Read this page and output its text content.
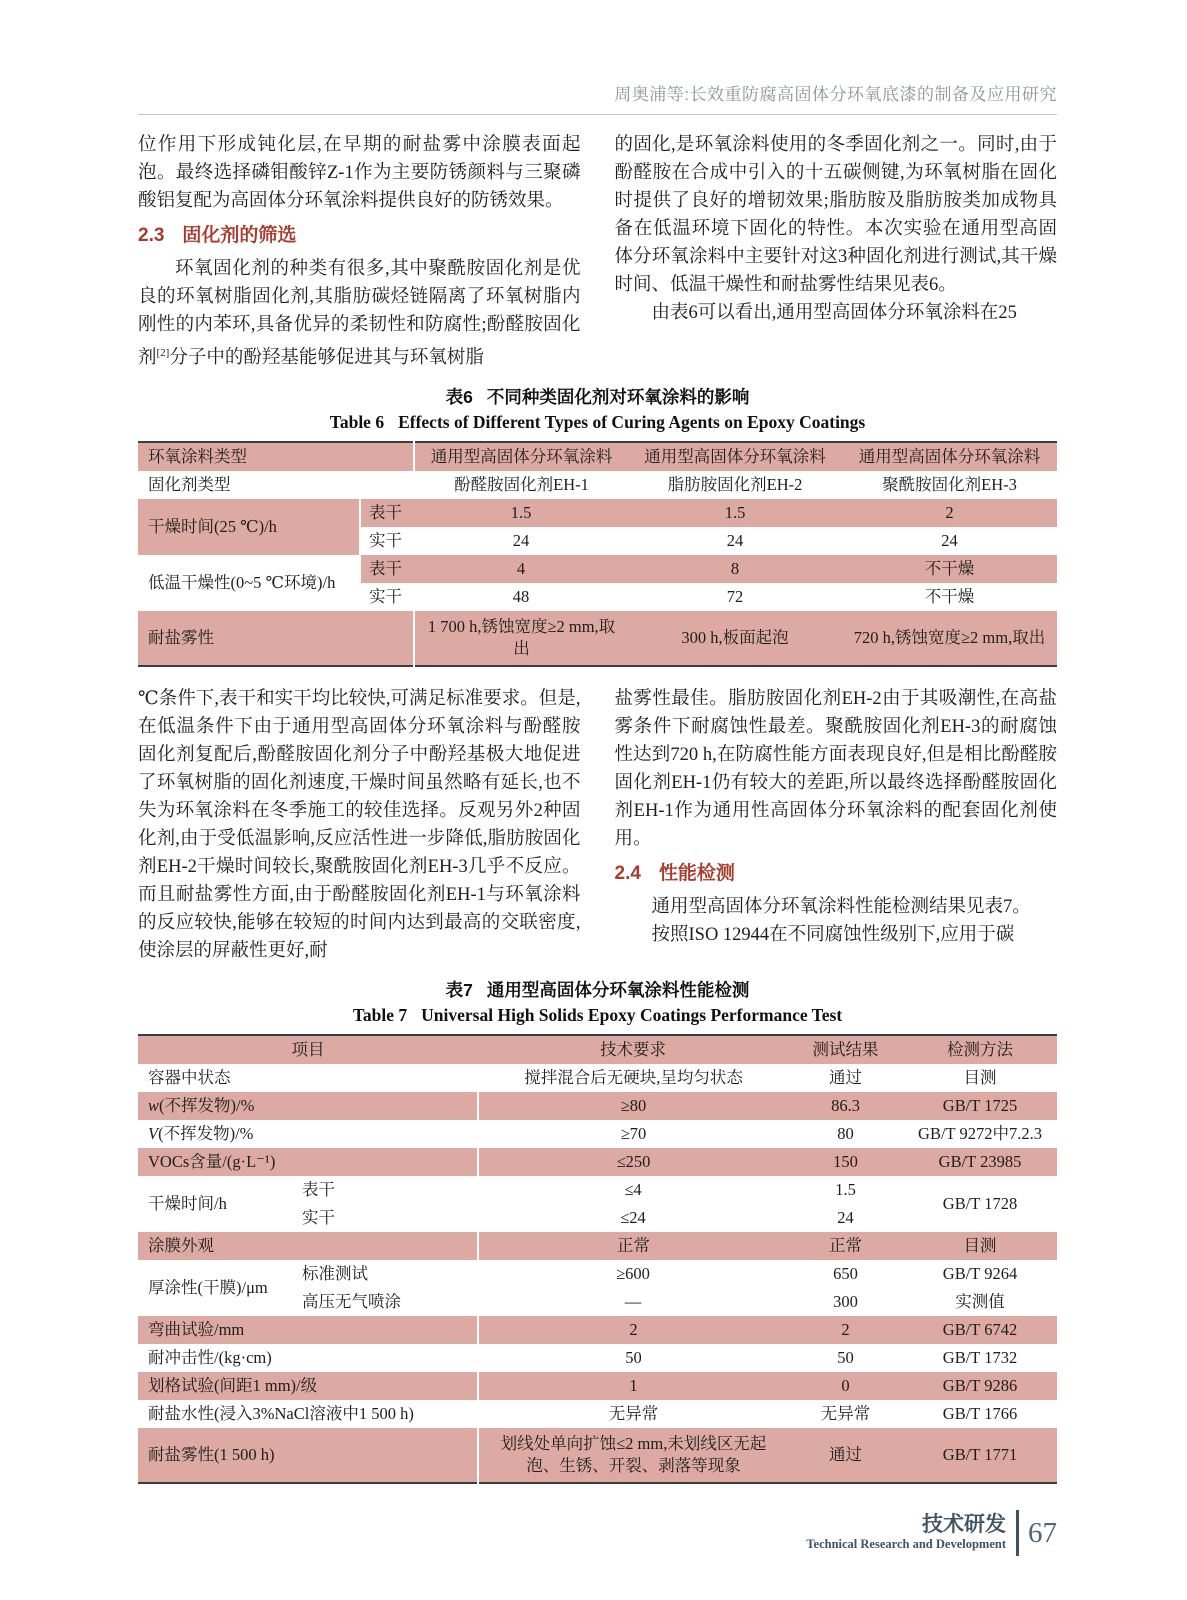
周奥浦等:长效重防腐高固体分环氧底漆的制备及应用研究

位作用下形成钝化层,在早期的耐盐雾中涂膜表面起泡。最终选择磷钼酸锌Z-1作为主要防锈颜料与三聚磷酸铝复配为高固体分环氧涂料提供良好的防锈效果。

2.3 固化剂的筛选

环氧固化剂的种类有很多,其中聚酰胺固化剂是优良的环氧树脂固化剂,其脂肪碳烃链隔离了环氧树脂内刚性的内苯环,具备优异的柔韧性和防腐性;酚醛胺固化剂[2]分子中的酚羟基能够促进其与环氧树脂

的固化,是环氧涂料使用的冬季固化剂之一。同时,由于酚醛胺在合成中引入的十五碳侧键,为环氧树脂在固化时提供了良好的增韧效果;脂肪胺及脂肪胺类加成物具备在低温环境下固化的特性。本次实验在通用型高固体分环氧涂料中主要针对这3种固化剂进行测试,其干燥时间、低温干燥性和耐盐雾性结果见表6。

由表6可以看出,通用型高固体分环氧涂料在25

表6 不同种类固化剂对环氧涂料的影响
Table 6 Effects of Different Types of Curing Agents on Epoxy Coatings
环氧涂料类型		通用型高固体分环氧涂料	通用型高固体分环氧涂料	通用型高固体分环氧涂料
固化剂类型		酚醛胺固化剂EH-1	脂肪胺固化剂EH-2	聚酰胺固化剂EH-3
干燥时间(25 ℃)/h	表干	1.5	1.5	2
	实干	24	24	24
低温干燥性(0~5 ℃环境)/h	表干	4	8	不干燥
	实干	48	72	不干燥
耐盐雾性		1 700 h,锈蚀宽度≥2 mm,取出	300 h,板面起泡	720 h,锈蚀宽度≥2 mm,取出

℃条件下,表干和实干均比较快,可满足标准要求。但是,在低温条件下由于通用型高固体分环氧涂料与酚醛胺固化剂复配后,酚醛胺固化剂分子中酚羟基极大地促进了环氧树脂的固化剂速度,干燥时间虽然略有延长,也不失为环氧涂料在冬季施工的较佳选择。反观另外2种固化剂,由于受低温影响,反应活性进一步降低,脂肪胺固化剂EH-2干燥时间较长,聚酰胺固化剂EH-3几乎不反应。而且耐盐雾性方面,由于酚醛胺固化剂EH-1与环氧涂料的反应较快,能够在较短的时间内达到最高的交联密度,使涂层的屏蔽性更好,耐

盐雾性最佳。脂肪胺固化剂EH-2由于其吸潮性,在高盐雾条件下耐腐蚀性最差。聚酰胺固化剂EH-3的耐腐蚀性达到720 h,在防腐性能方面表现良好,但是相比酚醛胺固化剂EH-1仍有较大的差距,所以最终选择酚醛胺固化剂EH-1作为通用性高固体分环氧涂料的配套固化剂使用。

2.4 性能检测

通用型高固体分环氧涂料性能检测结果见表7。

按照ISO 12944在不同腐蚀性级别下,应用于碳

表7 通用型高固体分环氧涂料性能检测
Table 7 Universal High Solids Epoxy Coatings Performance Test
项目		技术要求	测试结果	检测方法
容器中状态		搅拌混合后无硬块,呈均匀状态	通过	目测
w(不挥发物)/%		≥80	86.3	GB/T 1725
V(不挥发物)/%		≥70	80	GB/T 9272中7.2.3
VOCs含量/(g·L⁻¹)		≤250	150	GB/T 23985
干燥时间/h	表干	≤4	1.5	GB/T 1728
	实干	≤24	24	
涂膜外观		正常	正常	目测
厚涂性(干膜)/μm	标准测试	≥600	650	GB/T 9264
	高压无气喷涂	—	300	实测值
弯曲试验/mm		2	2	GB/T 6742
耐冲击性/(kg·cm)		50	50	GB/T 1732
划格试验(间距1 mm)/级		1	0	GB/T 9286
耐盐水性(浸入3%NaCl溶液中1 500 h)		无异常	无异常	GB/T 1766
耐盐雾性(1 500 h)		划线处单向扩蚀≤2 mm,未划线区无起泡、生锈、开裂、剥落等现象	通过	GB/T 1771
技术研发
Technical Research and Development 67
